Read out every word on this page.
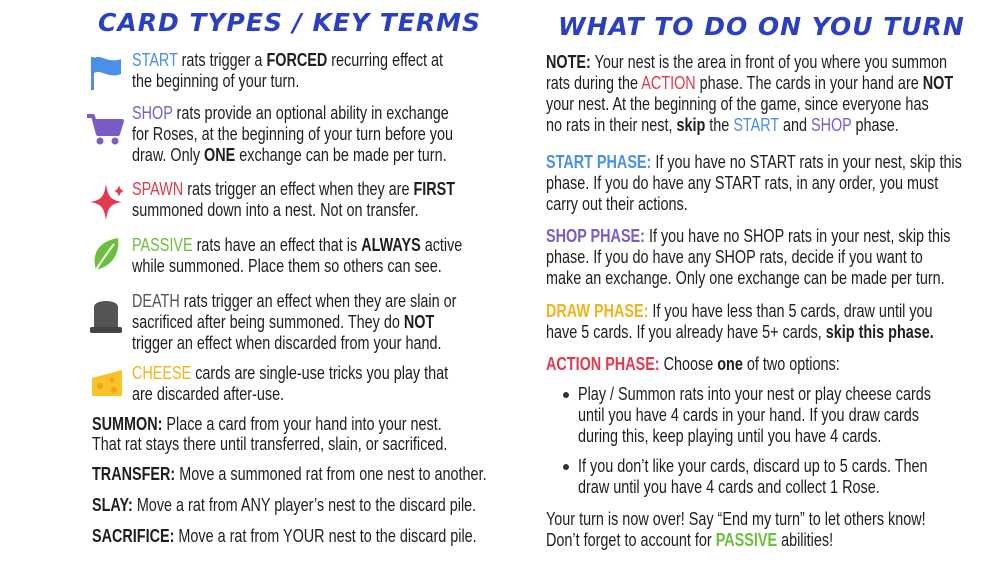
CARD TYPES / KEY TERMS
START rats trigger a FORCED recurring effect at
the beginning of your turn.
SHOP rats provide an optional ability in exchange
for Roses, at the beginning of your turn before you
draw. Only ONE exchange can be made per turn.
SPAWN rats trigger an effect when they are FIRST
summoned down into a nest. Not on transfer.
PASSIVE rats have an effect that is ALWAYS active
while summoned. Place them so others can see.
DEATH rats trigger an effect when they are slain or
sacrificed after being summoned. They do NOT
trigger an effect when discarded from your hand.
CHEESE cards are single-use tricks you play that
are discarded after-use.
SUMMON: Place a card from your hand into your nest.
That rat stays there until transferred, slain, or sacrificed.
TRANSFER: Move a summoned rat from one nest to another.
SLAY: Move a rat from ANY player’s nest to the discard pile.
SACRIFICE: Move a rat from YOUR nest to the discard pile.
WHAT TO DO ON YOU TURN
NOTE: Your nest is the area in front of you where you summon
rats during the ACTION phase. The cards in your hand are NOT
your nest. At the beginning of the game, since everyone has
no rats in their nest, skip the START and SHOP phase.
START PHASE: If you have no START rats in your nest, skip this
phase. If you do have any START rats, in any order, you must
carry out their actions.
SHOP PHASE: If you have no SHOP rats in your nest, skip this
phase. If you do have any SHOP rats, decide if you want to
make an exchange. Only one exchange can be made per turn.
DRAW PHASE: If you have less than 5 cards, draw until you
have 5 cards. If you already have 5+ cards, skip this phase.
ACTION PHASE: Choose one of two options:
Play / Summon rats into your nest or play cheese cards
until you have 4 cards in your hand. If you draw cards
during this, keep playing until you have 4 cards.
If you don’t like your cards, discard up to 5 cards. Then
draw until you have 4 cards and collect 1 Rose.
Your turn is now over! Say “End my turn” to let others know!
Don’t forget to account for PASSIVE abilities!
